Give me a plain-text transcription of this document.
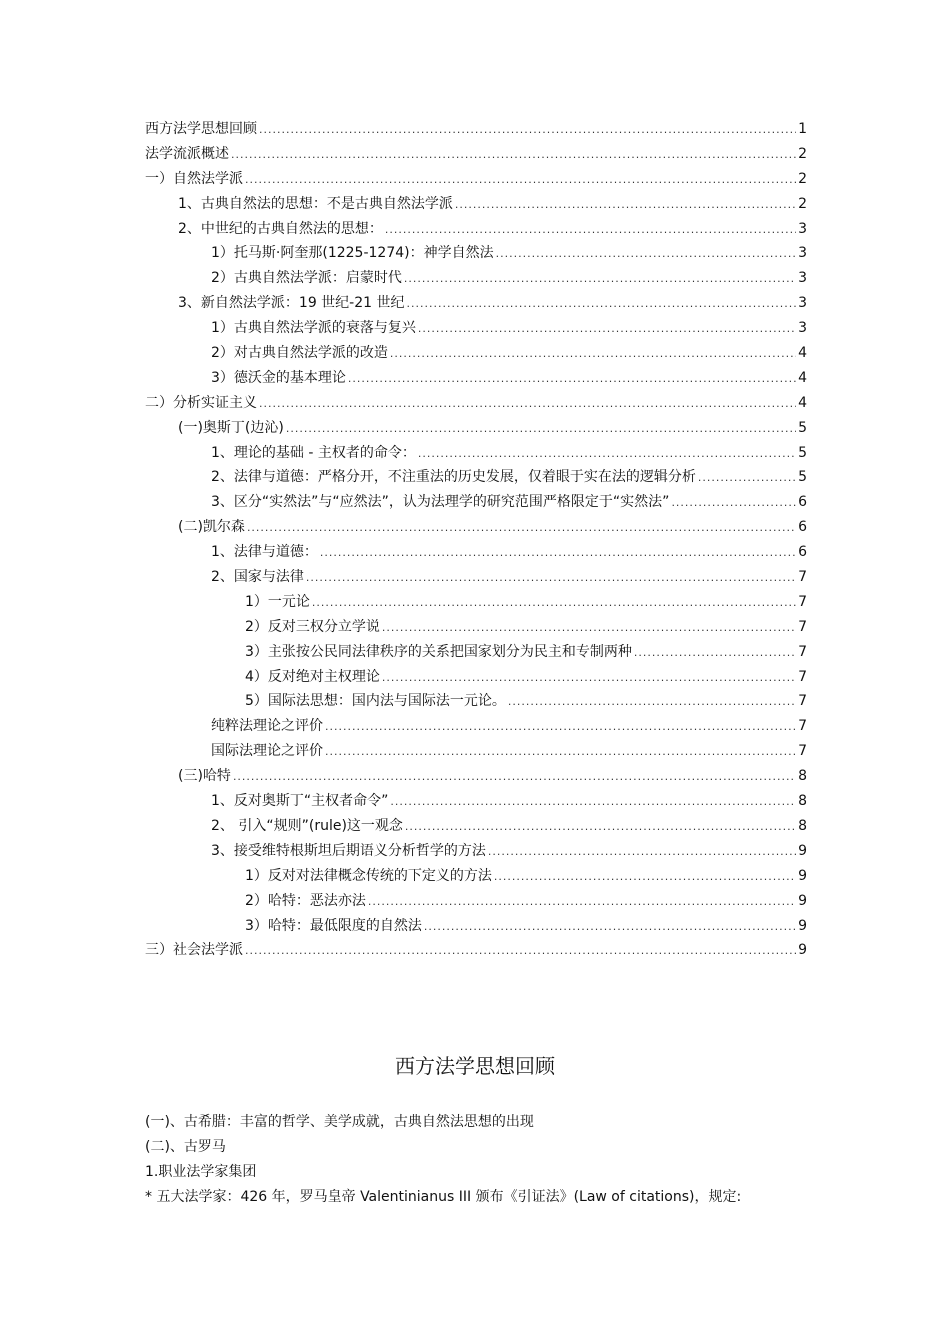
西方法学思想回顾 .....	1
法学流派概述 .....	2
一）自然法学派 .....	2
1、古典自然法的思想：不是古典自然法学派 .....	2
2、中世纪的古典自然法的思想： .....	3
1）托马斯·阿奎那(1225-1274)：神学自然法 .....	3
2）古典自然法学派：启蒙时代 .....	3
3、新自然法学派：19 世纪-21 世纪 .....	3
1）古典自然法学派的衰落与复兴 .....	3
2）对古典自然法学派的改造 .....	4
3）德沃金的基本理论 .....	4
二）分析实证主义 .....	4
(一)奥斯丁(边沁) .....	5
1、理论的基础 - 主权者的命令： .....	5
2、法律与道德：严格分开，不注重法的历史发展，仅着眼于实在法的逻辑分析 .....	5
3、区分“实然法”与“应然法”，认为法理学的研究范围严格限定于“实然法” .....	6
(二)凯尔森 .....	6
1、法律与道德： .....	6
2、国家与法律 .....	7
1）一元论 .....	7
2）反对三权分立学说 .....	7
3）主张按公民同法律秩序的关系把国家划分为民主和专制两种 .....	7
4）反对绝对主权理论 .....	7
5）国际法思想：国内法与国际法一元论。 .....	7
纯粹法理论之评价 .....	7
国际法理论之评价 .....	7
(三)哈特 .....	8
1、反对奥斯丁“主权者命令” .....	8
2、 引入“规则”(rule)这一观念 .....	8
3、接受维特根斯坦后期语义分析哲学的方法 .....	9
1）反对对法律概念传统的下定义的方法 .....	9
2）哈特：恶法亦法 .....	9
3）哈特：最低限度的自然法 .....	9
三）社会法学派 .....	9
西方法学思想回顾
(一)、古希腊：丰富的哲学、美学成就，古典自然法思想的出现
(二)、古罗马
1.职业法学家集团
* 五大法学家：426 年，罗马皇帝 Valentinianus III 颁布《引证法》(Law of citations)，规定:
